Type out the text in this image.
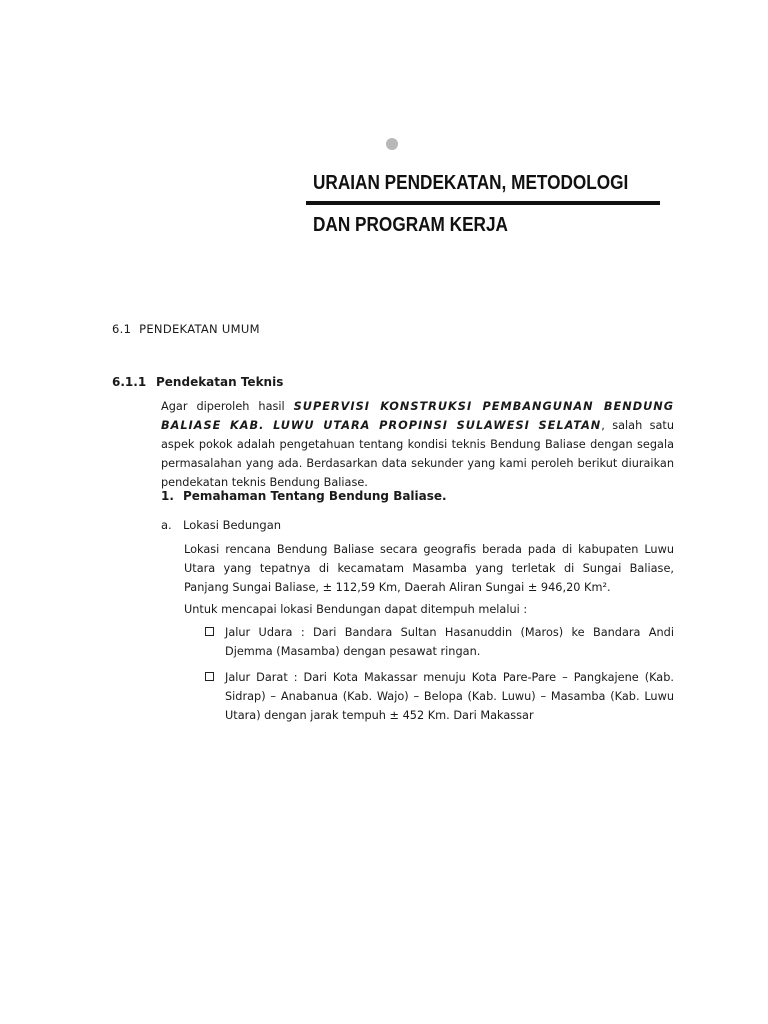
URAIAN PENDEKATAN, METODOLOGI
DAN PROGRAM KERJA
6.1 PENDEKATAN UMUM
6.1.1 Pendekatan Teknis
Agar diperoleh hasil SUPERVISI KONSTRUKSI PEMBANGUNAN BENDUNG BALIASE KAB. LUWU UTARA PROPINSI SULAWESI SELATAN, salah satu aspek pokok adalah pengetahuan tentang kondisi teknis Bendung Baliase dengan segala permasalahan yang ada. Berdasarkan data sekunder yang kami peroleh berikut diuraikan pendekatan teknis Bendung Baliase.
1. Pemahaman Tentang Bendung Baliase.
a. Lokasi Bedungan
Lokasi rencana Bendung Baliase secara geografis berada pada di kabupaten Luwu Utara yang tepatnya di kecamatam Masamba yang terletak di Sungai Baliase, Panjang Sungai Baliase, ± 112,59 Km, Daerah Aliran Sungai ± 946,20 Km².
Untuk mencapai lokasi Bendungan dapat ditempuh melalui :
Jalur Udara : Dari Bandara Sultan Hasanuddin (Maros) ke Bandara Andi Djemma (Masamba) dengan pesawat ringan.
Jalur Darat : Dari Kota Makassar menuju Kota Pare-Pare – Pangkajene (Kab. Sidrap) – Anabanua (Kab. Wajo) – Belopa (Kab. Luwu) – Masamba (Kab. Luwu Utara) dengan jarak tempuh ± 452 Km. Dari Makassar
